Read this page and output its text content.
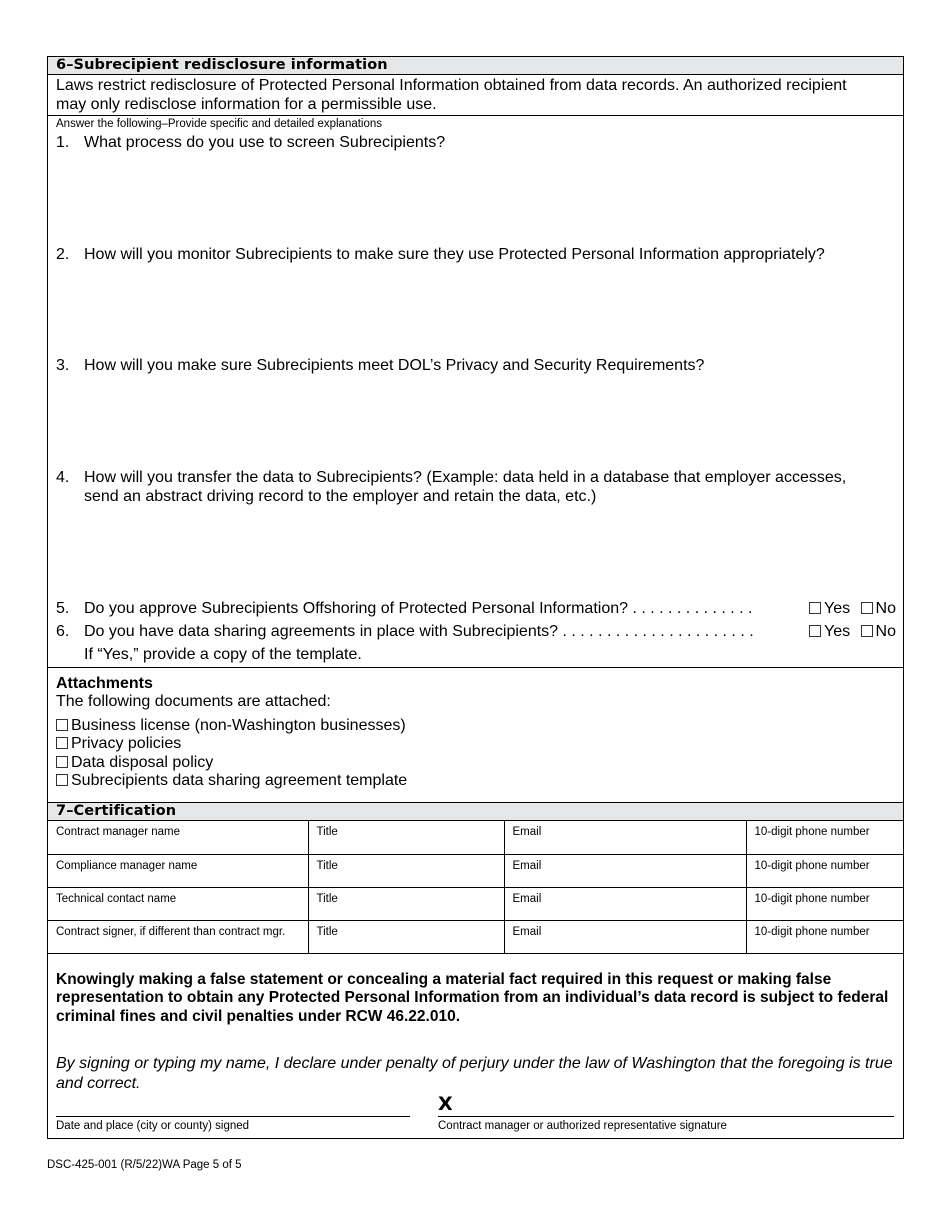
6–Subrecipient redisclosure information
Laws restrict redisclosure of Protected Personal Information obtained from data records. An authorized recipient
may only redisclose information for a permissible use.
Answer the following–Provide specific and detailed explanations
1. What process do you use to screen Subrecipients?
2. How will you monitor Subrecipients to make sure they use Protected Personal Information appropriately?
3. How will you make sure Subrecipients meet DOL’s Privacy and Security Requirements?
4. How will you transfer the data to Subrecipients? (Example: data held in a database that employer accesses,
send an abstract driving record to the employer and retain the data, etc.)
5. Do you approve Subrecipients Offshoring of Protected Personal Information? . . . . . . . . . . . . . .	Yes No
6. Do you have data sharing agreements in place with Subrecipients? . . . . . . . . . . . . . . . . . . . . . .	Yes No
If “Yes,” provide a copy of the template.
Attachments
The following documents are attached:
Business license (non-Washington businesses)
Privacy policies
Data disposal policy
Subrecipients data sharing agreement template
7–Certification
Contract manager name	Title	Email	10-digit phone number
Compliance manager name	Title	Email	10-digit phone number
Technical contact name	Title	Email	10-digit phone number
Contract signer, if different than contract mgr.	Title	Email	10-digit phone number
Knowingly making a false statement or concealing a material fact required in this request or making false representation to obtain any Protected Personal Information from an individual’s data record is subject to federal criminal fines and civil penalties under RCW 46.22.010.
By signing or typing my name, I declare under penalty of perjury under the law of Washington that the foregoing is true and correct.
Date and place (city or county) signed
X
Contract manager or authorized representative signature
DSC-425-001 (R/5/22)WA Page 5 of 5
